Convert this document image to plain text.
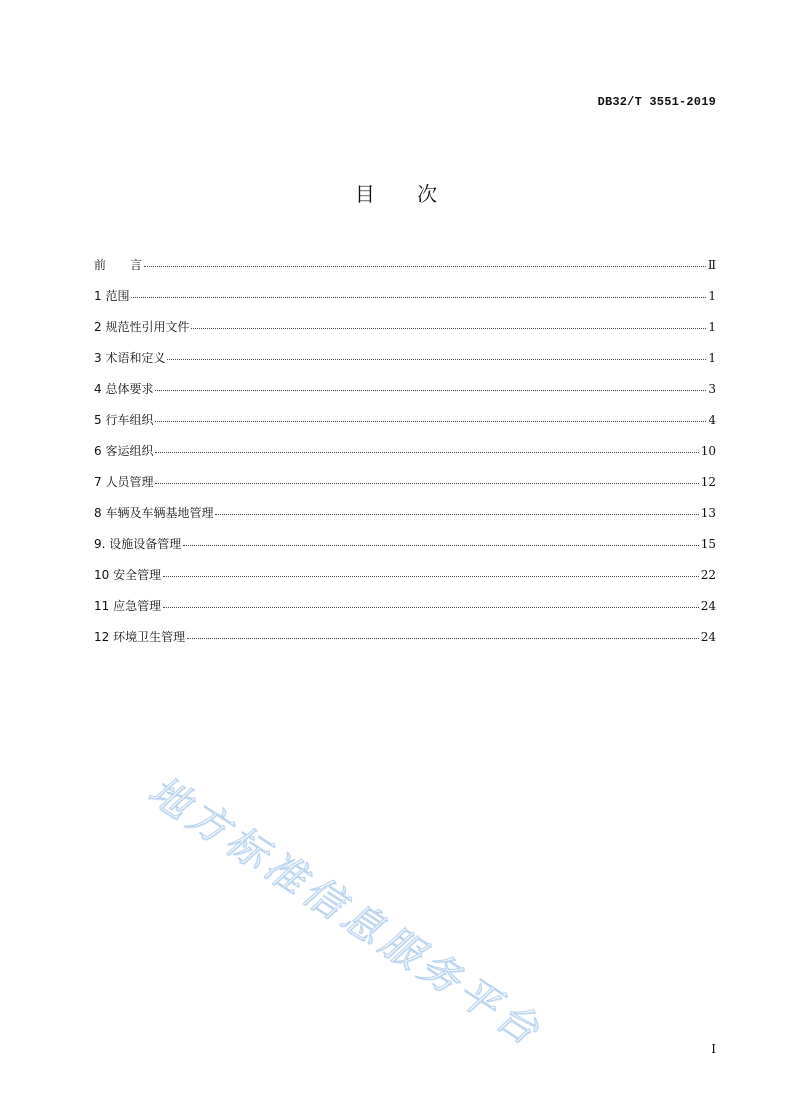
DB32/T 3551-2019
目 次
前　　言	Ⅱ
1 范围	1
2 规范性引用文件	1
3 术语和定义	1
4 总体要求	3
5 行车组织	4
6 客运组织	10
7 人员管理	12
8 车辆及车辆基地管理	13
9. 设施设备管理	15
10 安全管理	22
11 应急管理	24
12 环境卫生管理	24
地方标准信息服务平台	I
